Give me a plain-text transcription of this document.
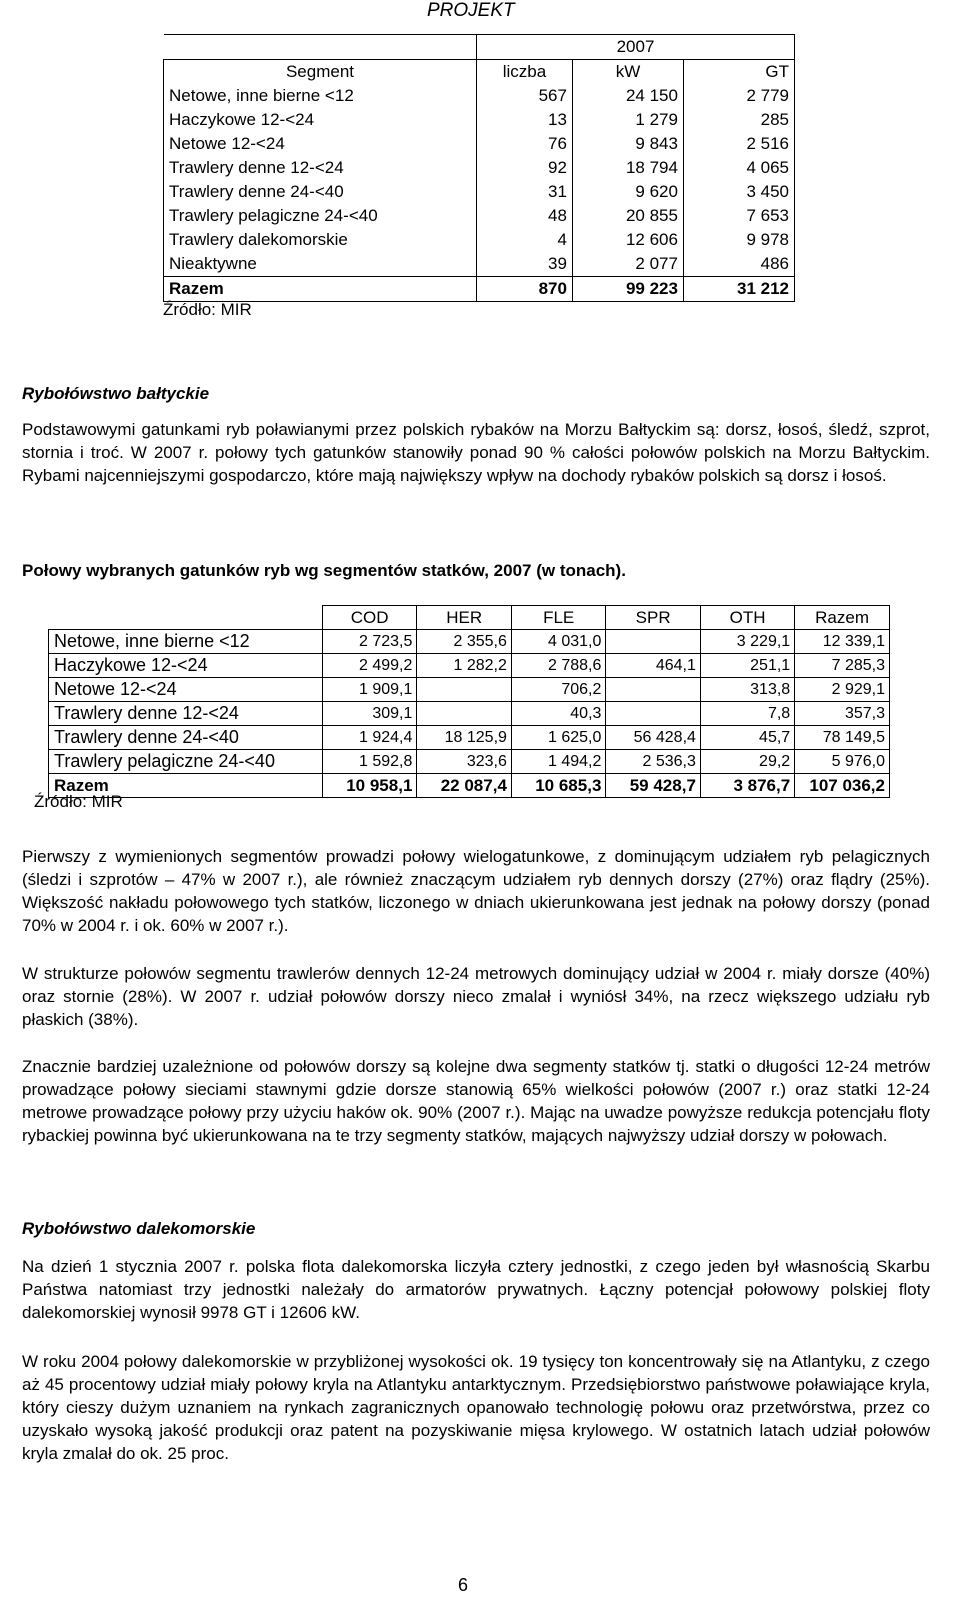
PROJEKT
	2007		
Segment	liczba	kW	GT
Netowe, inne bierne <12	567	24 150	2 779
Haczykowe 12-<24	13	1 279	285
Netowe 12-<24	76	9 843	2 516
Trawlery denne 12-<24	92	18 794	4 065
Trawlery denne 24-<40	31	9 620	3 450
Trawlery pelagiczne 24-<40	48	20 855	7 653
Trawlery dalekomorskie	4	12 606	9 978
Nieaktywne	39	2 077	486
Razem	870	99 223	31 212
Źródło: MIR
Rybołówstwo bałtyckie
Podstawowymi gatunkami ryb poławianymi przez polskich rybaków na Morzu Bałtyckim są: dorsz, łosoś, śledź, szprot, stornia i troć. W 2007 r. połowy tych gatunków stanowiły ponad 90 % całości połowów polskich na Morzu Bałtyckim. Rybami najcenniejszymi gospodarczo, które mają największy wpływ na dochody rybaków polskich są dorsz i łosoś.
Połowy wybranych gatunków ryb wg segmentów statków, 2007 (w tonach).
	COD	HER	FLE	SPR	OTH	Razem
Netowe, inne bierne <12	2 723,5	2 355,6	4 031,0		3 229,1	12 339,1
Haczykowe 12-<24	2 499,2	1 282,2	2 788,6	464,1	251,1	7 285,3
Netowe 12-<24	1 909,1		706,2		313,8	2 929,1
Trawlery denne 12-<24	309,1		40,3		7,8	357,3
Trawlery denne 24-<40	1 924,4	18 125,9	1 625,0	56 428,4	45,7	78 149,5
Trawlery pelagiczne 24-<40	1 592,8	323,6	1 494,2	2 536,3	29,2	5 976,0
Razem	10 958,1	22 087,4	10 685,3	59 428,7	3 876,7	107 036,2
Źródło: MIR
Pierwszy z wymienionych segmentów prowadzi połowy wielogatunkowe, z dominującym udziałem ryb pelagicznych (śledzi i szprotów – 47% w 2007 r.), ale również znaczącym udziałem ryb dennych dorszy (27%) oraz flądry (25%). Większość nakładu połowowego tych statków, liczonego w dniach ukierunkowana jest jednak na połowy dorszy (ponad 70% w 2004 r. i ok. 60% w 2007 r.).
W strukturze połowów segmentu trawlerów dennych 12-24 metrowych dominujący udział w 2004 r. miały dorsze (40%) oraz stornie (28%). W 2007 r. udział połowów dorszy nieco zmalał i wyniósł 34%, na rzecz większego udziału ryb płaskich (38%).
Znacznie bardziej uzależnione od połowów dorszy są kolejne dwa segmenty statków tj. statki o długości 12-24 metrów prowadzące połowy sieciami stawnymi gdzie dorsze stanowią 65% wielkości połowów (2007 r.) oraz statki 12-24 metrowe prowadzące połowy przy użyciu haków ok. 90% (2007 r.). Mając na uwadze powyższe redukcja potencjału floty rybackiej powinna być ukierunkowana na te trzy segmenty statków, mających najwyższy udział dorszy w połowach.
Rybołówstwo dalekomorskie
Na dzień 1 stycznia 2007 r. polska flota dalekomorska liczyła cztery jednostki, z czego jeden był własnością Skarbu Państwa natomiast trzy jednostki należały do armatorów prywatnych. Łączny potencjał połowowy polskiej floty dalekomorskiej wynosił 9978 GT i 12606 kW.
W roku 2004 połowy dalekomorskie w przybliżonej wysokości ok. 19 tysięcy ton koncentrowały się na Atlantyku, z czego aż 45 procentowy udział miały połowy kryla na Atlantyku antarktycznym. Przedsiębiorstwo państwowe poławiające kryla, który cieszy dużym uznaniem na rynkach zagranicznych opanowało technologię połowu oraz przetwórstwa, przez co uzyskało wysoką jakość produkcji oraz patent na pozyskiwanie mięsa krylowego. W ostatnich latach udział połowów kryla zmalał do ok. 25 proc.
6
